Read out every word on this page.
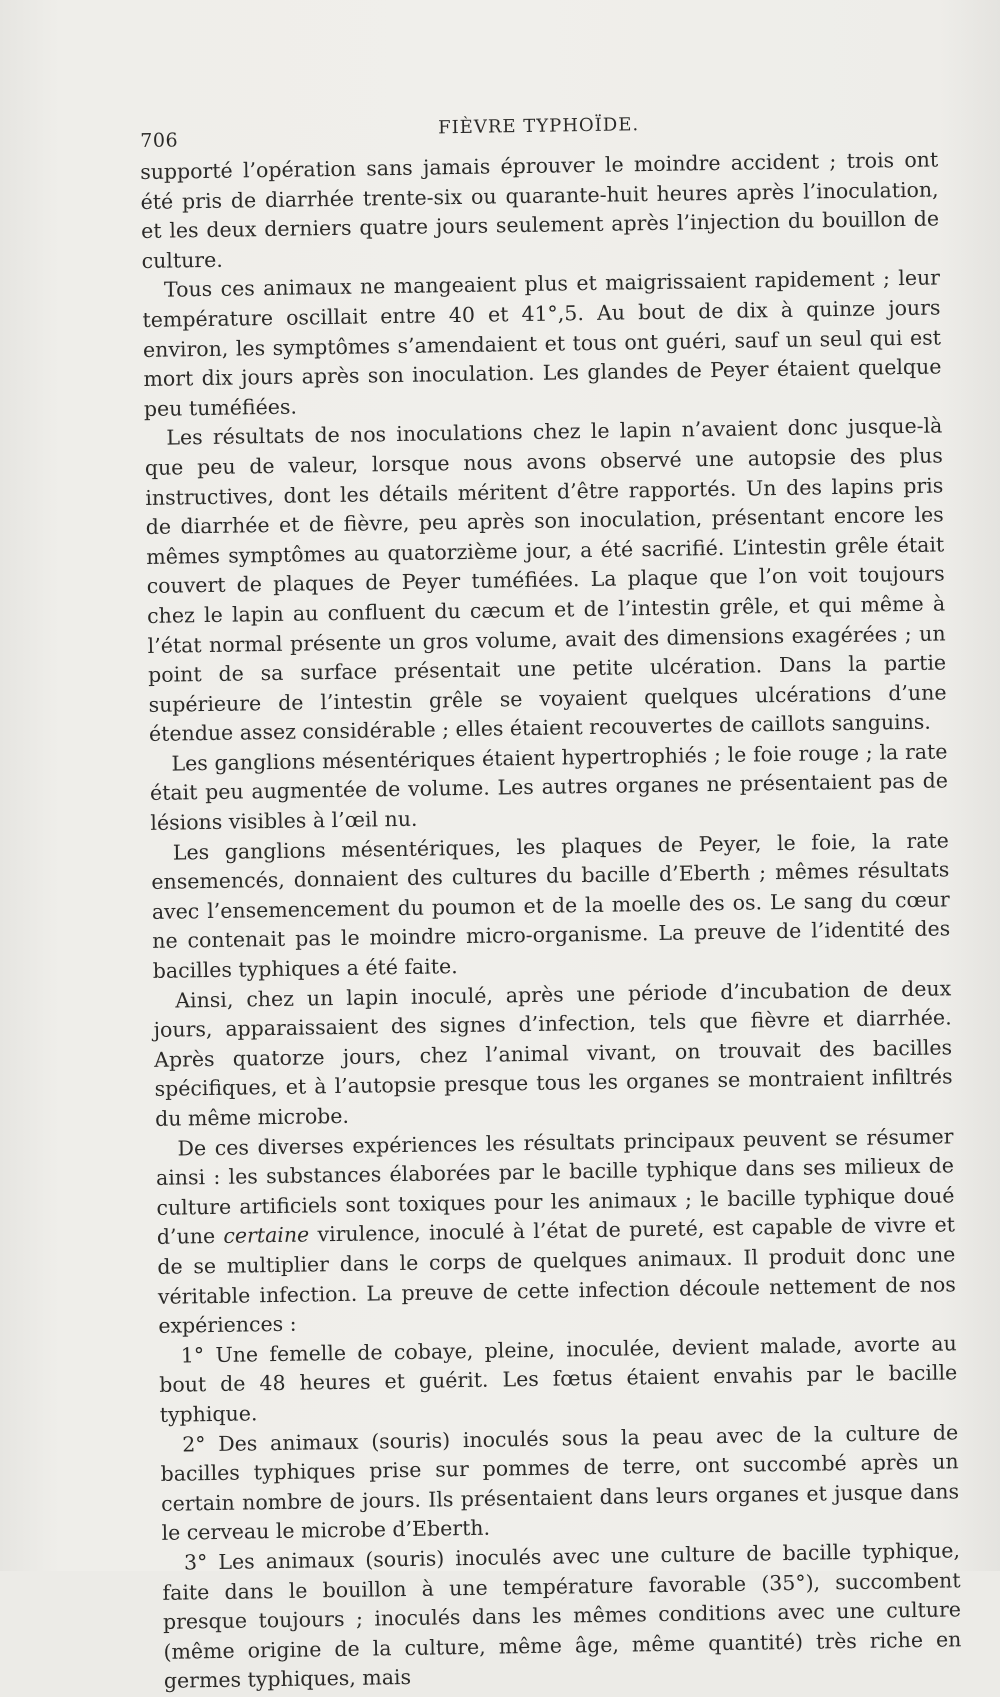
706
FIÈVRE TYPHOÏDE.

supporté l’opération sans jamais éprouver le moindre accident ; trois ont été pris de diarrhée trente-six ou quarante-huit heures après l’inoculation, et les deux derniers quatre jours seulement après l’injection du bouillon de culture.

Tous ces animaux ne mangeaient plus et maigrissaient rapidement ; leur température oscillait entre 40 et 41°,5. Au bout de dix à quinze jours environ, les symptômes s’amendaient et tous ont guéri, sauf un seul qui est mort dix jours après son inoculation. Les glandes de Peyer étaient quelque peu tuméfiées.

Les résultats de nos inoculations chez le lapin n’avaient donc jusque-là que peu de valeur, lorsque nous avons observé une autopsie des plus instructives, dont les détails méritent d’être rapportés. Un des lapins pris de diarrhée et de fièvre, peu après son inoculation, présentant encore les mêmes symptômes au quatorzième jour, a été sacrifié. L’intestin grêle était couvert de plaques de Peyer tuméfiées. La plaque que l’on voit toujours chez le lapin au confluent du cæcum et de l’intestin grêle, et qui même à l’état normal présente un gros volume, avait des dimensions exagérées ; un point de sa surface présentait une petite ulcération. Dans la partie supérieure de l’intestin grêle se voyaient quelques ulcérations d’une étendue assez considérable ; elles étaient recouvertes de caillots sanguins.

Les ganglions mésentériques étaient hypertrophiés ; le foie rouge ; la rate était peu augmentée de volume. Les autres organes ne présentaient pas de lésions visibles à l’œil nu.

Les ganglions mésentériques, les plaques de Peyer, le foie, la rate ensemencés, donnaient des cultures du bacille d’Eberth ; mêmes résultats avec l’ensemencement du poumon et de la moelle des os. Le sang du cœur ne contenait pas le moindre micro-organisme. La preuve de l’identité des bacilles typhiques a été faite.

Ainsi, chez un lapin inoculé, après une période d’incubation de deux jours, apparaissaient des signes d’infection, tels que fièvre et diarrhée. Après quatorze jours, chez l’animal vivant, on trouvait des bacilles spécifiques, et à l’autopsie presque tous les organes se montraient infiltrés du même microbe.

De ces diverses expériences les résultats principaux peuvent se résumer ainsi : les substances élaborées par le bacille typhique dans ses milieux de culture artificiels sont toxiques pour les animaux ; le bacille typhique doué d’une certaine virulence, inoculé à l’état de pureté, est capable de vivre et de se multiplier dans le corps de quelques animaux. Il produit donc une véritable infection. La preuve de cette infection découle nettement de nos expériences :

1° Une femelle de cobaye, pleine, inoculée, devient malade, avorte au bout de 48 heures et guérit. Les fœtus étaient envahis par le bacille typhique.

2° Des animaux (souris) inoculés sous la peau avec de la culture de bacilles typhiques prise sur pommes de terre, ont succombé après un certain nombre de jours. Ils présentaient dans leurs organes et jusque dans le cerveau le microbe d’Eberth.

3° Les animaux (souris) inoculés avec une culture de bacille typhique, faite dans le bouillon à une température favorable (35°), succombent presque toujours ; inoculés dans les mêmes conditions avec une culture (même origine de la culture, même âge, même quantité) très riche en germes typhiques, mais
